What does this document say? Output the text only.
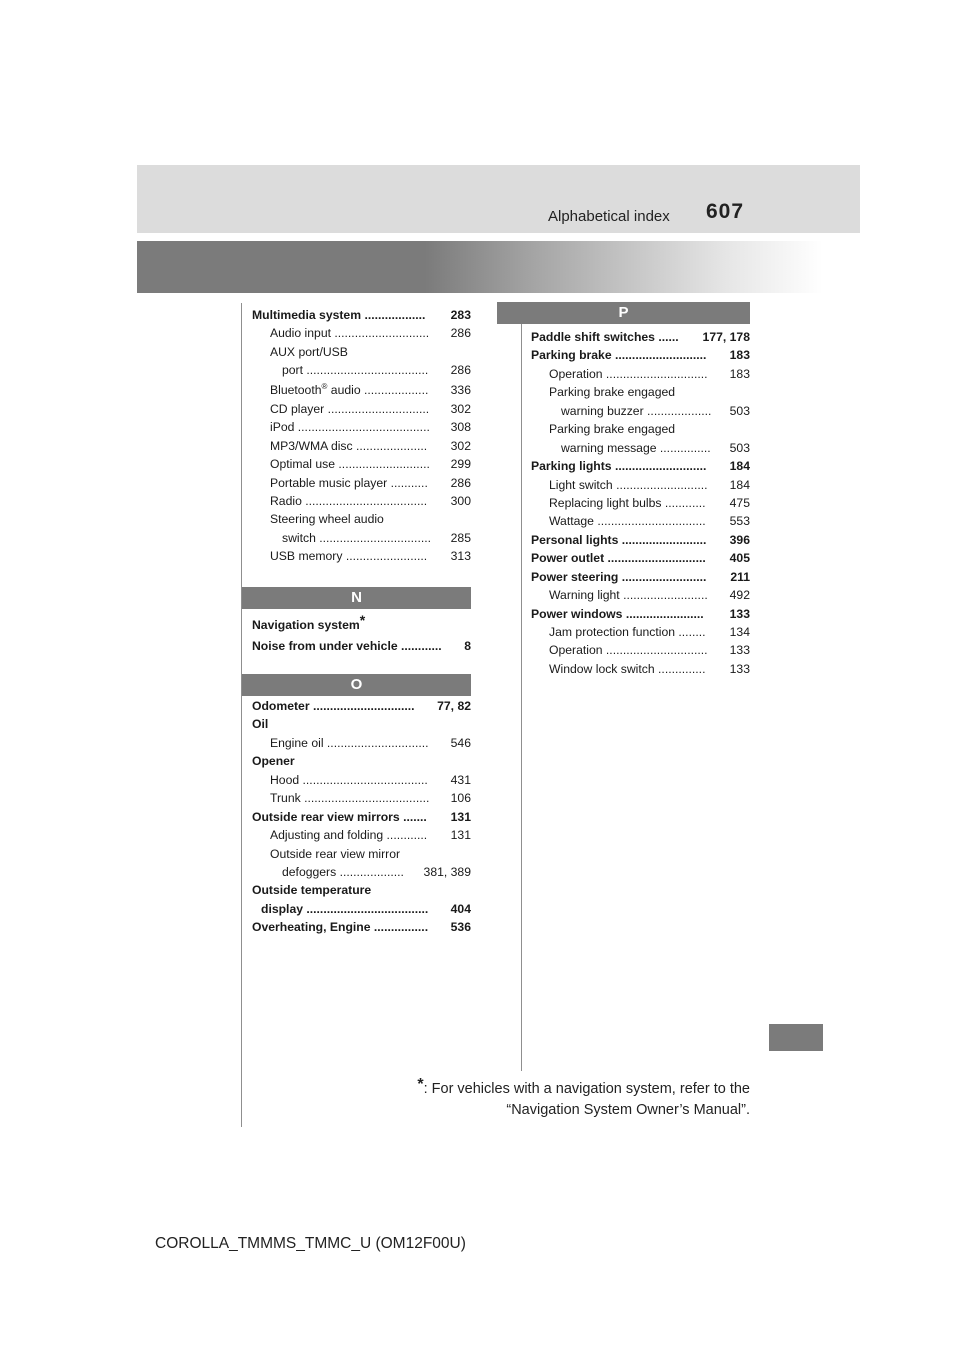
Alphabetical index 607
Multimedia system .................. 283
Audio input ............................ 286
AUX port/USB
port .................................... 286
Bluetooth® audio ................... 336
CD player .............................. 302
iPod ....................................... 308
MP3/WMA disc ..................... 302
Optimal use ........................... 299
Portable music player ........... 286
Radio .................................... 300
Steering wheel audio
switch ................................. 285
USB memory ........................ 313
N
Navigation system*
Noise from under vehicle ............ 8
O
Odometer .............................. 77, 82
Oil
Engine oil .............................. 546
Opener
Hood ..................................... 431
Trunk ..................................... 106
Outside rear view mirrors ....... 131
Adjusting and folding ............ 131
Outside rear view mirror
defoggers ................... 381, 389
Outside temperature
display .................................... 404
Overheating, Engine ................ 536
P
Paddle shift switches ...... 177, 178
Parking brake ........................... 183
Operation .............................. 183
Parking brake engaged
warning buzzer ................... 503
Parking brake engaged
warning message ............... 503
Parking lights ........................... 184
Light switch ........................... 184
Replacing light bulbs ............ 475
Wattage ................................ 553
Personal lights ......................... 396
Power outlet ............................. 405
Power steering ......................... 211
Warning light ......................... 492
Power windows ....................... 133
Jam protection function ........ 134
Operation .............................. 133
Window lock switch .............. 133
*: For vehicles with a navigation system, refer to the
“Navigation System Owner’s Manual”.
COROLLA_TMMMS_TMMC_U (OM12F00U)
